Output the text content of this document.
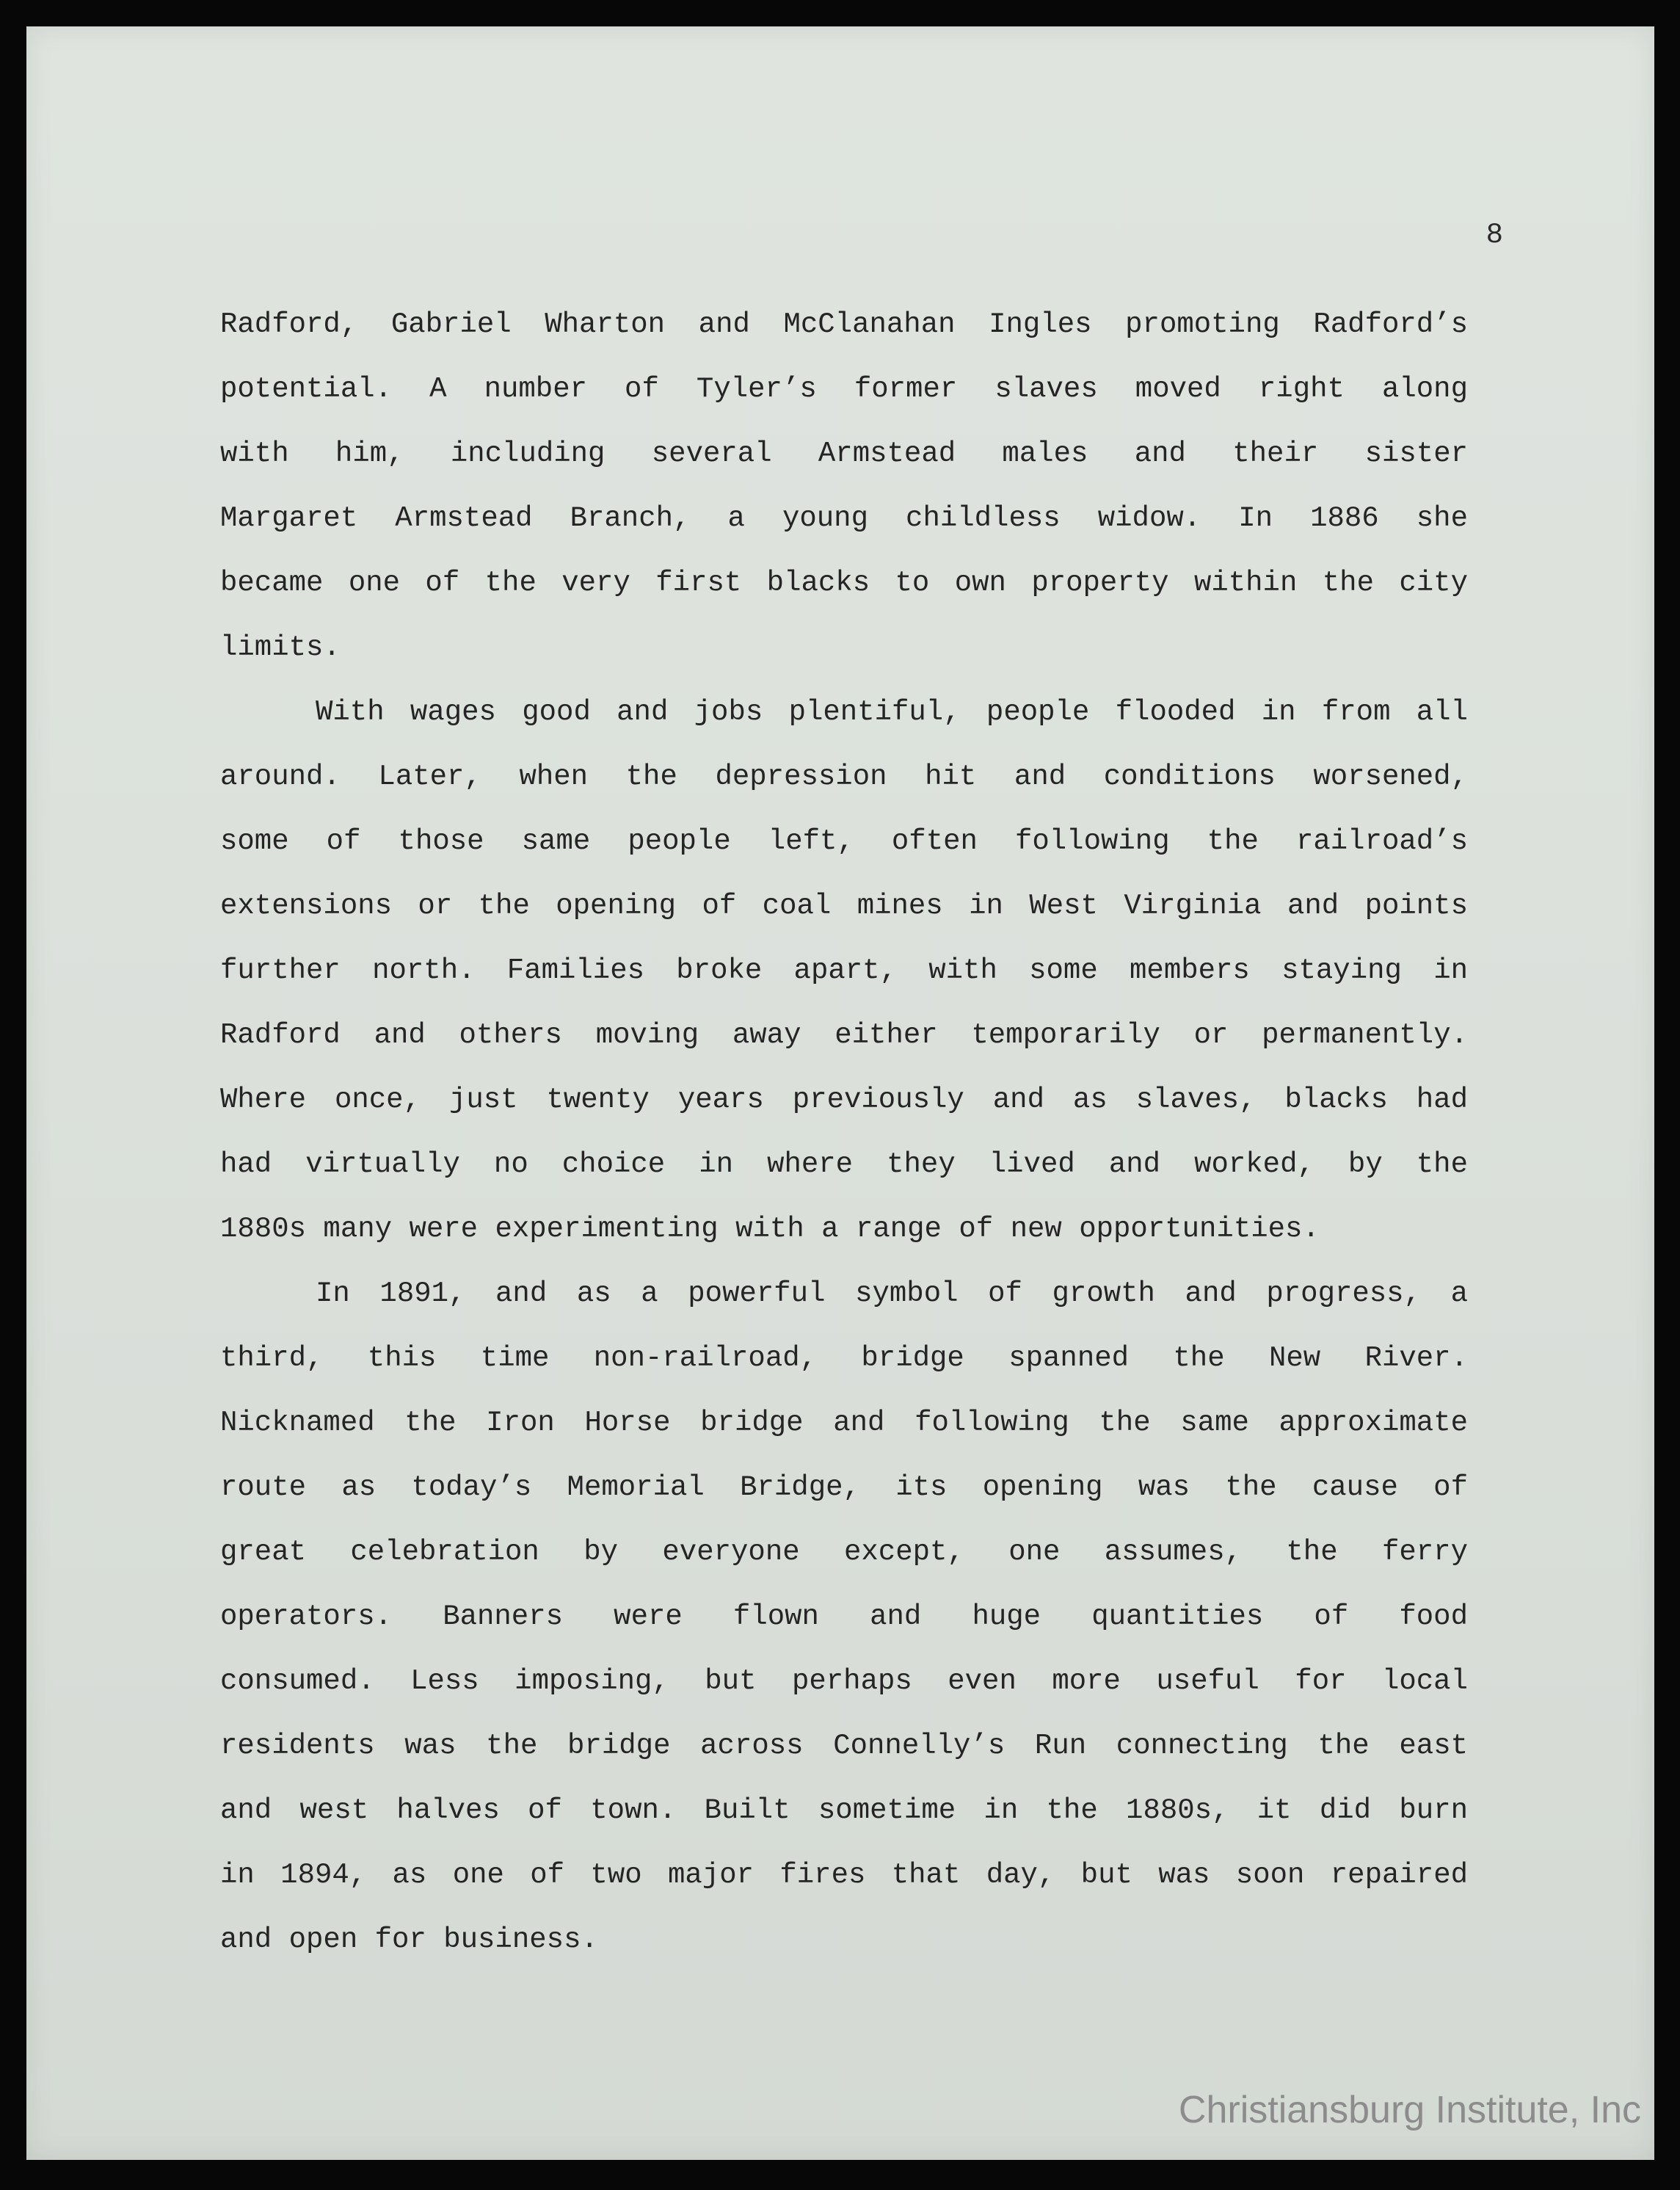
8

Radford, Gabriel Wharton and McClanahan Ingles promoting Radford’s

potential. A number of Tyler’s former slaves moved right along

with him, including several Armstead males and their sister

Margaret Armstead Branch, a young childless widow. In 1886 she

became one of the very first blacks to own property within the city

limits.

With wages good and jobs plentiful, people flooded in from all

around. Later, when the depression hit and conditions worsened,

some of those same people left, often following the railroad’s

extensions or the opening of coal mines in West Virginia and points

further north. Families broke apart, with some members staying in

Radford and others moving away either temporarily or permanently.

Where once, just twenty years previously and as slaves, blacks had

had virtually no choice in where they lived and worked, by the

1880s many were experimenting with a range of new opportunities.

In 1891, and as a powerful symbol of growth and progress, a

third, this time non-railroad, bridge spanned the New River.

Nicknamed the Iron Horse bridge and following the same approximate

route as today’s Memorial Bridge, its opening was the cause of

great celebration by everyone except, one assumes, the ferry

operators. Banners were flown and huge quantities of food

consumed. Less imposing, but perhaps even more useful for local

residents was the bridge across Connelly’s Run connecting the east

and west halves of town. Built sometime in the 1880s, it did burn

in 1894, as one of two major fires that day, but was soon repaired

and open for business.

Christiansburg Institute, Inc
